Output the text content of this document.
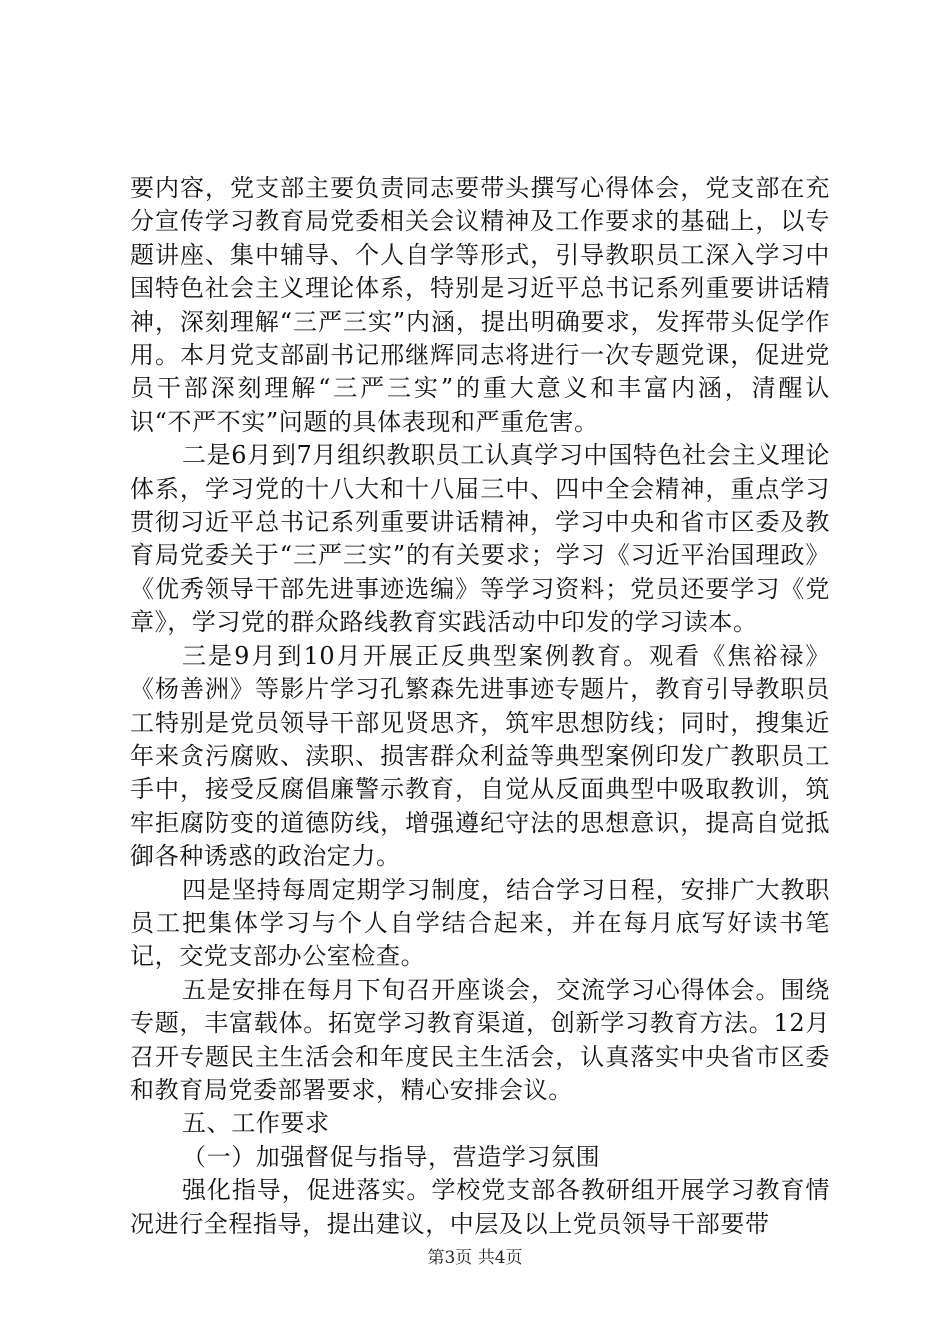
要内容，党支部主要负责同志要带头撰写心得体会，党支部在充分宣传学习教育局党委相关会议精神及工作要求的基础上，以专题讲座、集中辅导、个人自学等形式，引导教职员工深入学习中国特色社会主义理论体系，特别是习近平总书记系列重要讲话精神，深刻理解“三严三实”内涵，提出明确要求，发挥带头促学作用。本月党支部副书记邢继辉同志将进行一次专题党课，促进党员干部深刻理解“三严三实”的重大意义和丰富内涵，清醒认识“不严不实”问题的具体表现和严重危害。

二是6月到7月组织教职员工认真学习中国特色社会主义理论体系，学习党的十八大和十八届三中、四中全会精神，重点学习贯彻习近平总书记系列重要讲话精神，学习中央和省市区委及教育局党委关于“三严三实”的有关要求；学习《习近平治国理政》《优秀领导干部先进事迹选编》等学习资料；党员还要学习《党章》，学习党的群众路线教育实践活动中印发的学习读本。

三是9月到10月开展正反典型案例教育。观看《焦裕禄》《杨善洲》等影片学习孔繁森先进事迹专题片，教育引导教职员工特别是党员领导干部见贤思齐，筑牢思想防线；同时，搜集近年来贪污腐败、渎职、损害群众利益等典型案例印发广教职员工手中，接受反腐倡廉警示教育，自觉从反面典型中吸取教训，筑牢拒腐防变的道德防线，增强遵纪守法的思想意识，提高自觉抵御各种诱惑的政治定力。

四是坚持每周定期学习制度，结合学习日程，安排广大教职员工把集体学习与个人自学结合起来，并在每月底写好读书笔记，交党支部办公室检查。

五是安排在每月下旬召开座谈会，交流学习心得体会。围绕专题，丰富载体。拓宽学习教育渠道，创新学习教育方法。12月召开专题民主生活会和年度民主生活会，认真落实中央省市区委和教育局党委部署要求，精心安排会议。

五、工作要求

（一）加强督促与指导，营造学习氛围

强化指导，促进落实。学校党支部各教研组开展学习教育情况进行全程指导，提出建议，中层及以上党员领导干部要带

第3页 共4页
